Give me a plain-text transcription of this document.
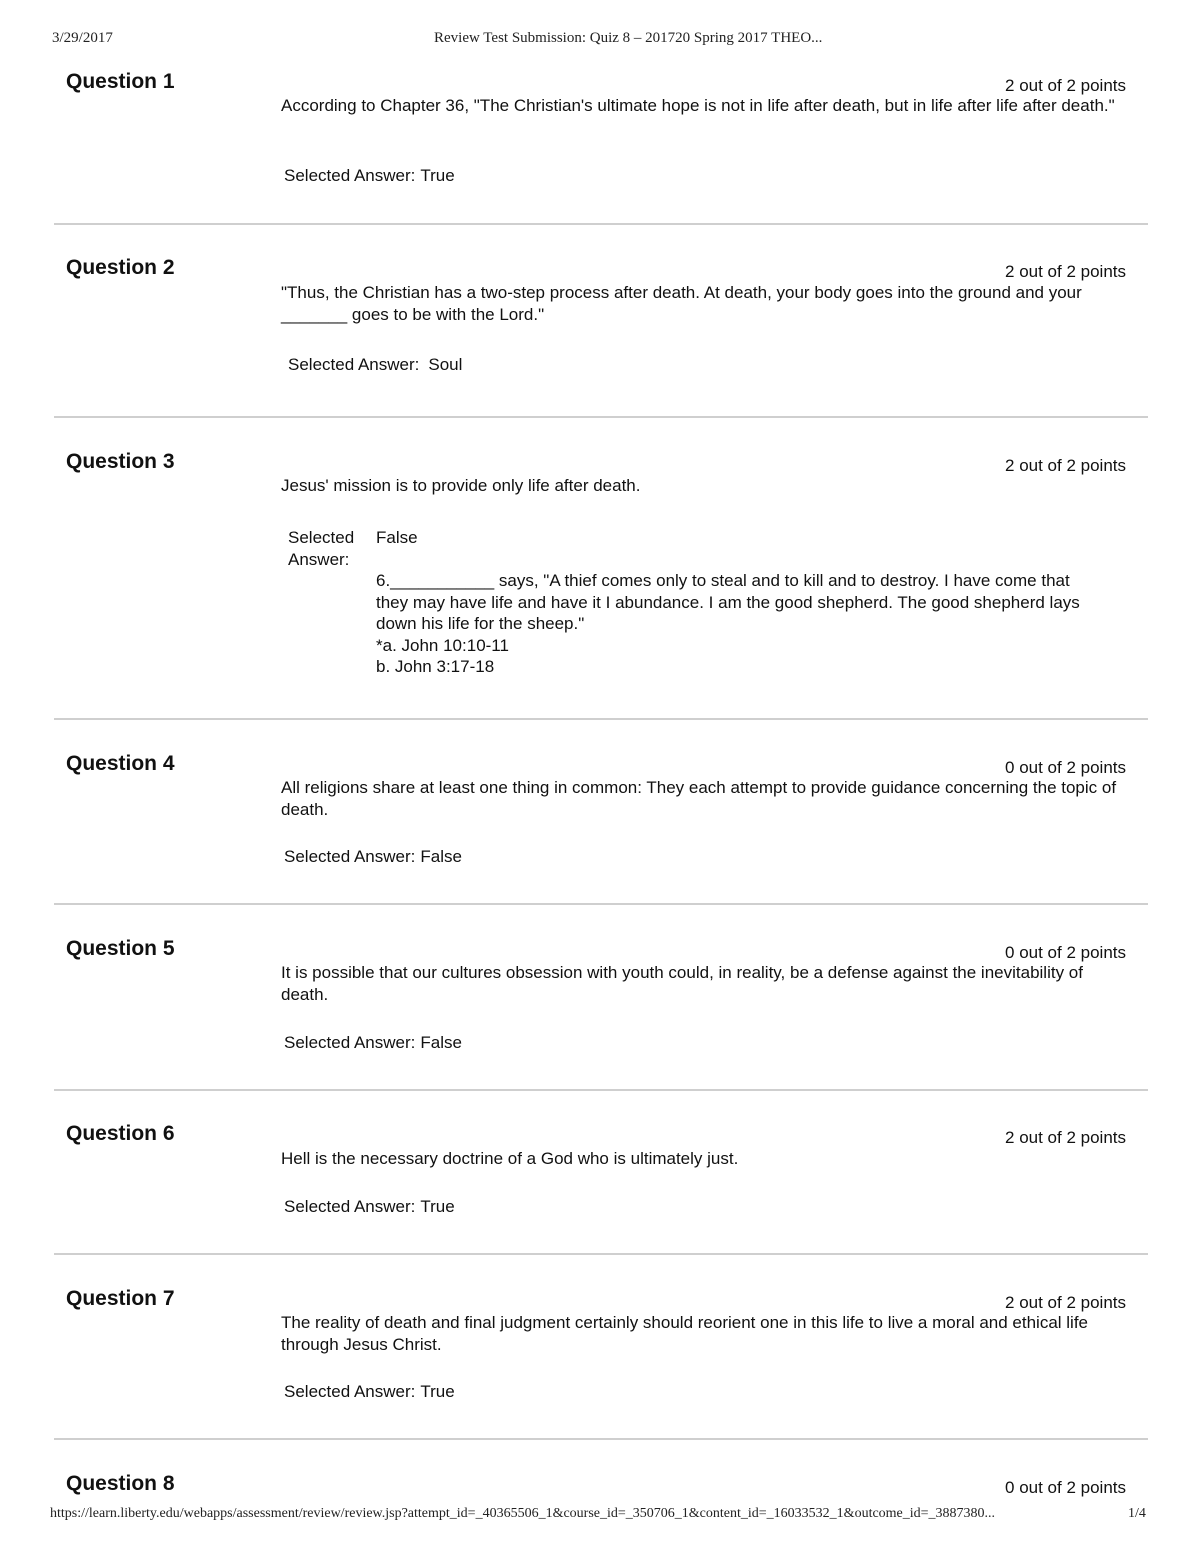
3/29/2017	Review Test Submission: Quiz 8 – 201720 Spring 2017 THEO...
Question 1	2 out of 2 points
According to Chapter 36, "The Christian's ultimate hope is not in life after death, but in life after life after death."
Selected Answer: True
Question 2	2 out of 2 points
"Thus, the Christian has a two-step process after death. At death, your body goes into the ground and your _______ goes to be with the Lord."
Selected Answer: Soul
Question 3	2 out of 2 points
Jesus' mission is to provide only life after death.
Selected
Answer:
False
6.___________ says, "A thief comes only to steal and to kill and to destroy. I have come that they may have life and have it I abundance. I am the good shepherd. The good shepherd lays down his life for the sheep."
*a. John 10:10-11
b. John 3:17-18
Question 4	0 out of 2 points
All religions share at least one thing in common: They each attempt to provide guidance concerning the topic of death.
Selected Answer: False
Question 5	0 out of 2 points
It is possible that our cultures obsession with youth could, in reality, be a defense against the inevitability of death.
Selected Answer: False
Question 6	2 out of 2 points
Hell is the necessary doctrine of a God who is ultimately just.
Selected Answer: True
Question 7	2 out of 2 points
The reality of death and final judgment certainly should reorient one in this life to live a moral and ethical life through Jesus Christ.
Selected Answer: True
Question 8	0 out of 2 points
https://learn.liberty.edu/webapps/assessment/review/review.jsp?attempt_id=_40365506_1&course_id=_350706_1&content_id=_16033532_1&outcome_id=_3887380...	1/4
